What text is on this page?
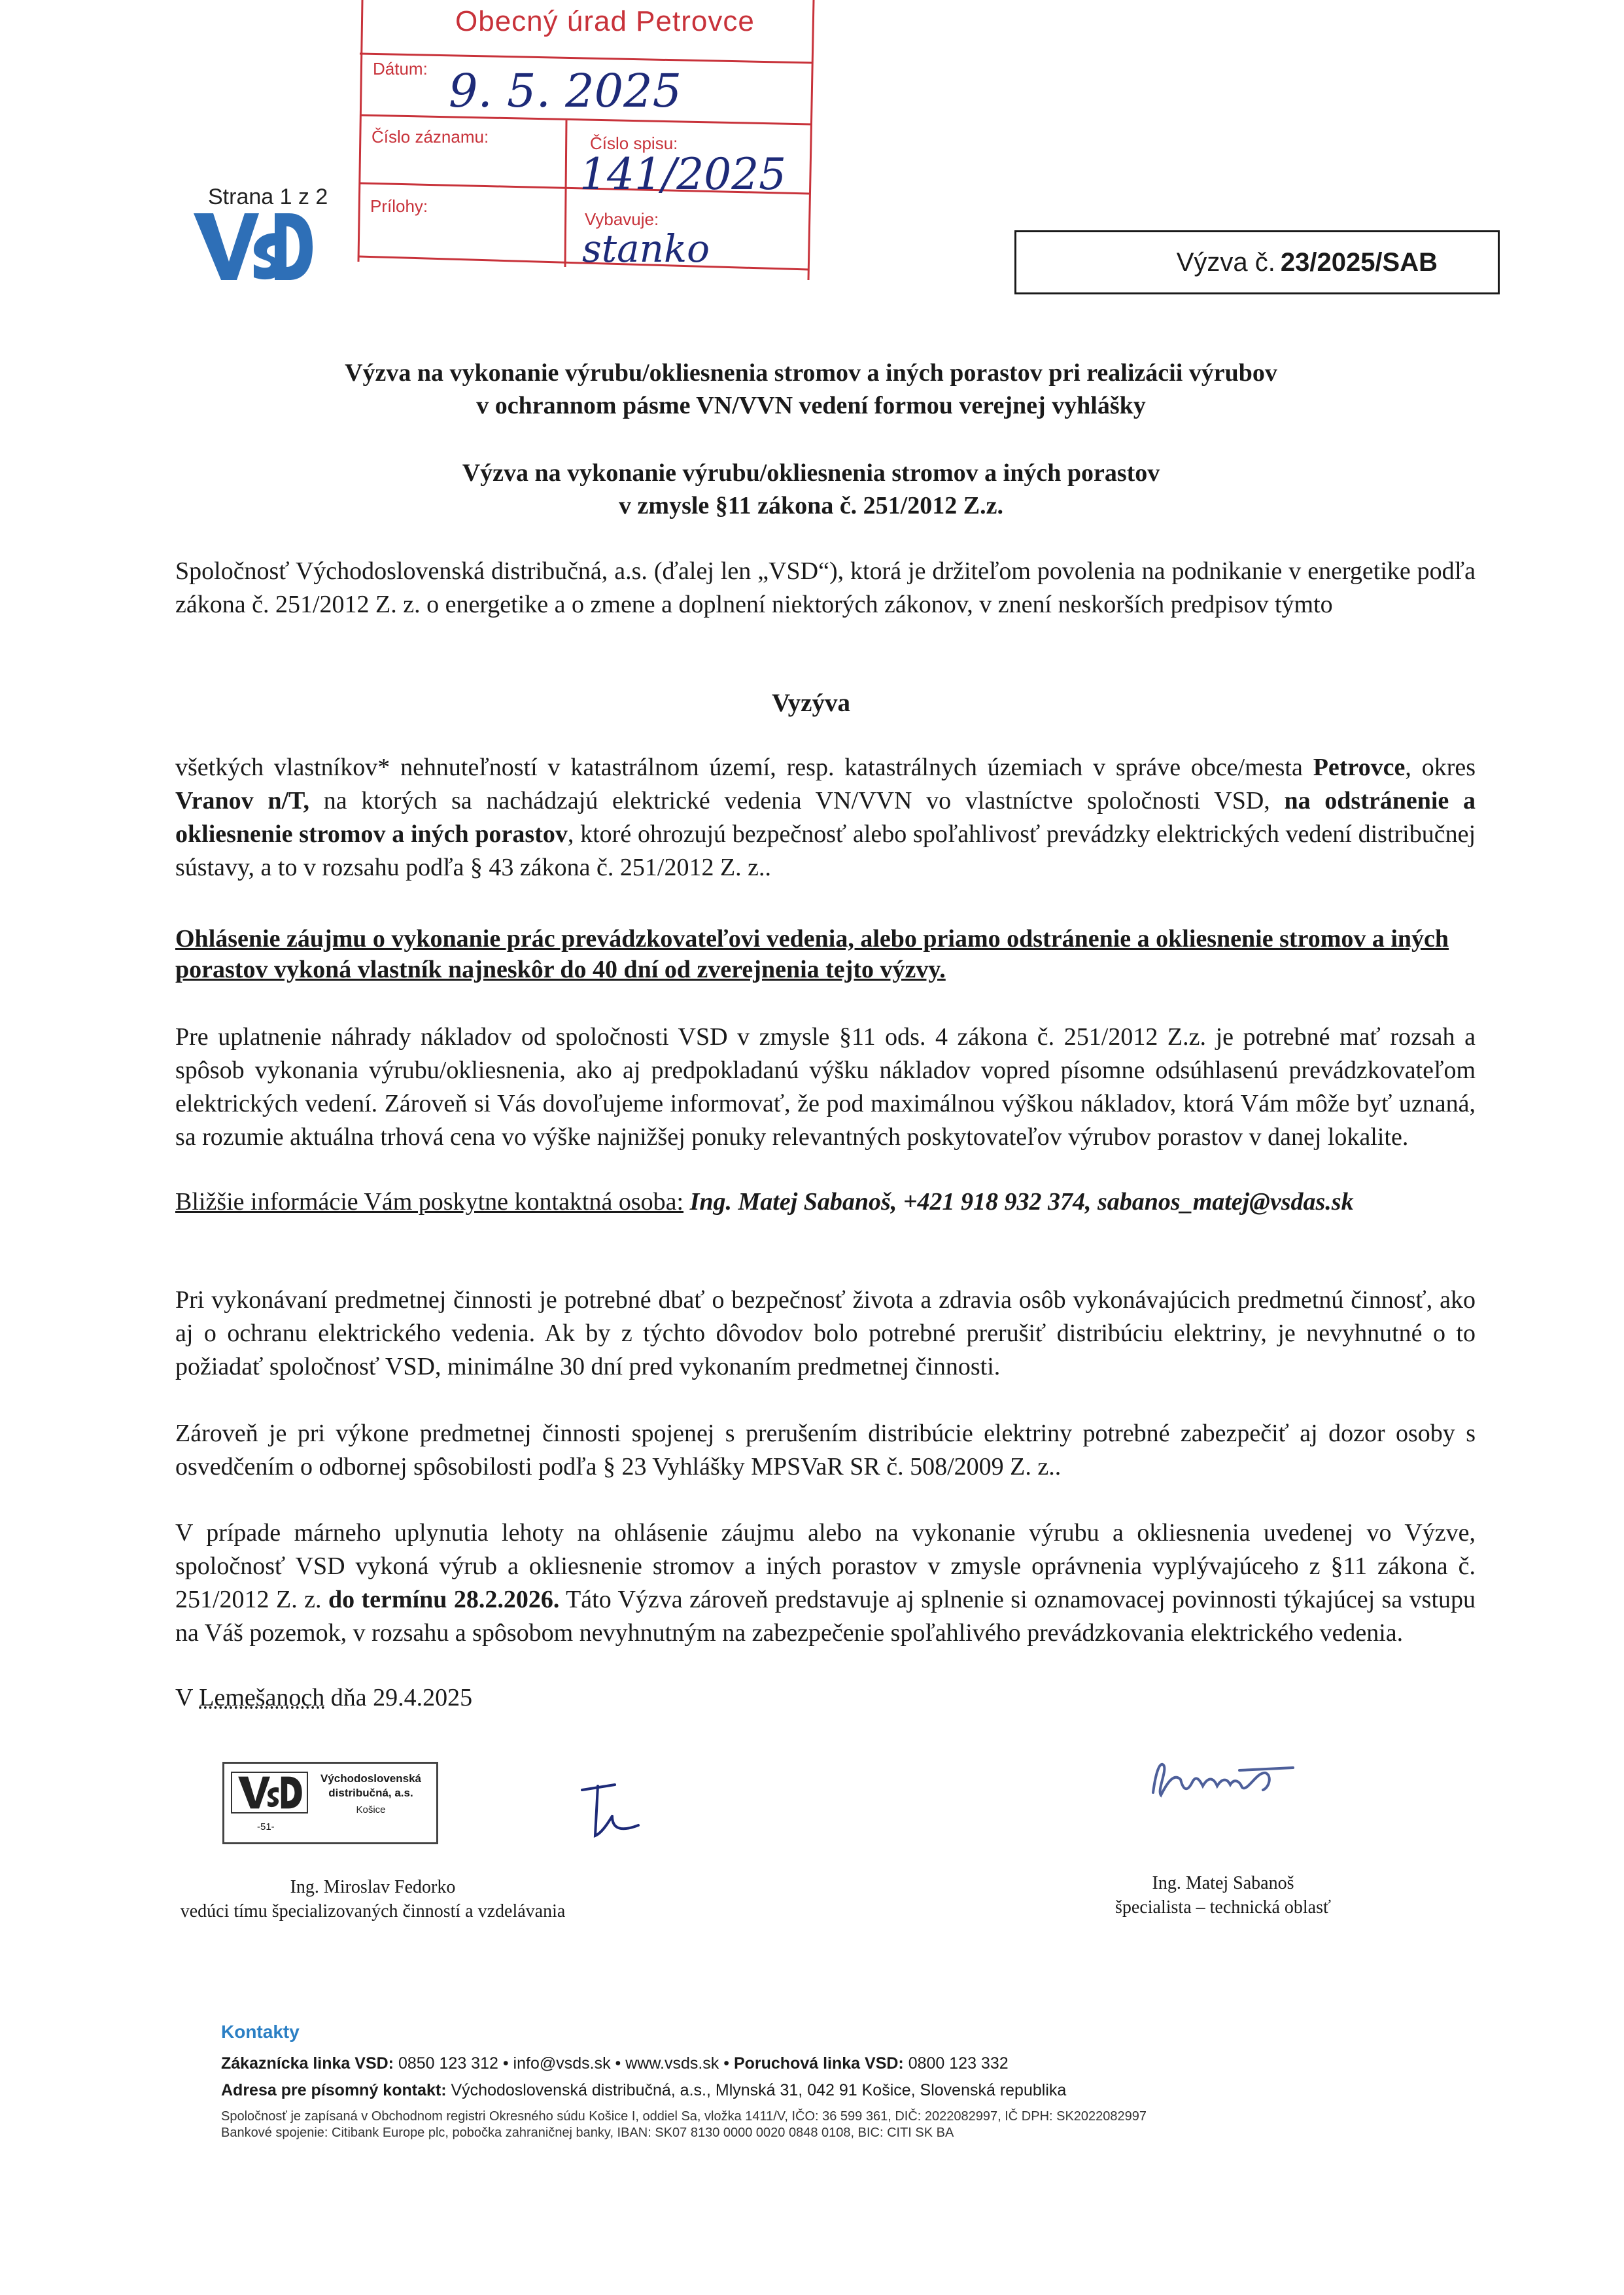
Obecný úrad Petrovce
Dátum: 9. 5. 2025
Číslo záznamu:	Číslo spisu:
141/2025
Prílohy:
Vybavuje:
stanko
Strana 1 z 2
Výzva č. 23/2025/SAB
Výzva na vykonanie výrubu/okliesnenia stromov a iných porastov pri realizácii výrubov
v ochrannom pásme VN/VVN vedení formou verejnej vyhlášky
Výzva na vykonanie výrubu/okliesnenia stromov a iných porastov
v zmysle §11 zákona č. 251/2012 Z.z.
Spoločnosť Východoslovenská distribučná, a.s. (ďalej len „VSD“), ktorá je držiteľom povolenia na podnikanie v energetike podľa zákona č. 251/2012 Z. z. o energetike a o zmene a doplnení niektorých zákonov, v znení neskorších predpisov týmto
Vyzýva
všetkých vlastníkov* nehnuteľností v katastrálnom území, resp. katastrálnych územiach v správe obce/mesta Petrovce, okres Vranov n/T, na ktorých sa nachádzajú elektrické vedenia VN/VVN vo vlastníctve spoločnosti VSD, na odstránenie a okliesnenie stromov a iných porastov, ktoré ohrozujú bezpečnosť alebo spoľahlivosť prevádzky elektrických vedení distribučnej sústavy, a to v rozsahu podľa § 43 zákona č. 251/2012 Z. z..
Ohlásenie záujmu o vykonanie prác prevádzkovateľovi vedenia, alebo priamo odstránenie a okliesnenie stromov a iných porastov vykoná vlastník najneskôr do 40 dní od zverejnenia tejto výzvy.
Pre uplatnenie náhrady nákladov od spoločnosti VSD v zmysle §11 ods. 4 zákona č. 251/2012 Z.z. je potrebné mať rozsah a spôsob vykonania výrubu/okliesnenia, ako aj predpokladanú výšku nákladov vopred písomne odsúhlasenú prevádzkovateľom elektrických vedení. Zároveň si Vás dovoľujeme informovať, že pod maximálnou výškou nákladov, ktorá Vám môže byť uznaná, sa rozumie aktuálna trhová cena vo výške najnižšej ponuky relevantných poskytovateľov výrubov porastov v danej lokalite.
Bližšie informácie Vám poskytne kontaktná osoba: Ing. Matej Sabanoš, +421 918 932 374, sabanos_matej@vsdas.sk
Pri vykonávaní predmetnej činnosti je potrebné dbať o bezpečnosť života a zdravia osôb vykonávajúcich predmetnú činnosť, ako aj o ochranu elektrického vedenia. Ak by z týchto dôvodov bolo potrebné prerušiť distribúciu elektriny, je nevyhnutné o to požiadať spoločnosť VSD, minimálne 30 dní pred vykonaním predmetnej činnosti.
Zároveň je pri výkone predmetnej činnosti spojenej s prerušením distribúcie elektriny potrebné zabezpečiť aj dozor osoby s osvedčením o odbornej spôsobilosti podľa § 23 Vyhlášky MPSVaR SR č. 508/2009 Z. z..
V prípade márneho uplynutia lehoty na ohlásenie záujmu alebo na vykonanie výrubu a okliesnenia uvedenej vo Výzve, spoločnosť VSD vykoná výrub a okliesnenie stromov a iných porastov v zmysle oprávnenia vyplývajúceho z §11 zákona č. 251/2012 Z. z. do termínu 28.2.2026. Táto Výzva zároveň predstavuje aj splnenie si oznamovacej povinnosti týkajúcej sa vstupu na Váš pozemok, v rozsahu a spôsobom nevyhnutným na zabezpečenie spoľahlivého prevádzkovania elektrického vedenia.
V Lemešanoch dňa 29.4.2025
Východoslovenská distribučná, a.s.
Košice
-51-
Ing. Miroslav Fedorko
vedúci tímu špecializovaných činností a vzdelávania
Ing. Matej Sabanoš
špecialista – technická oblasť
Kontakty
Zákaznícka linka VSD: 0850 123 312 • info@vsds.sk • www.vsds.sk • Poruchová linka VSD: 0800 123 332
Adresa pre písomný kontakt: Východoslovenská distribučná, a.s., Mlynská 31, 042 91 Košice, Slovenská republika
Spoločnosť je zapísaná v Obchodnom registri Okresného súdu Košice I, oddiel Sa, vložka 1411/V, IČO: 36 599 361, DIČ: 2022082997, IČ DPH: SK2022082997
Bankové spojenie: Citibank Europe plc, pobočka zahraničnej banky, IBAN: SK07 8130 0000 0020 0848 0108, BIC: CITI SK BA
